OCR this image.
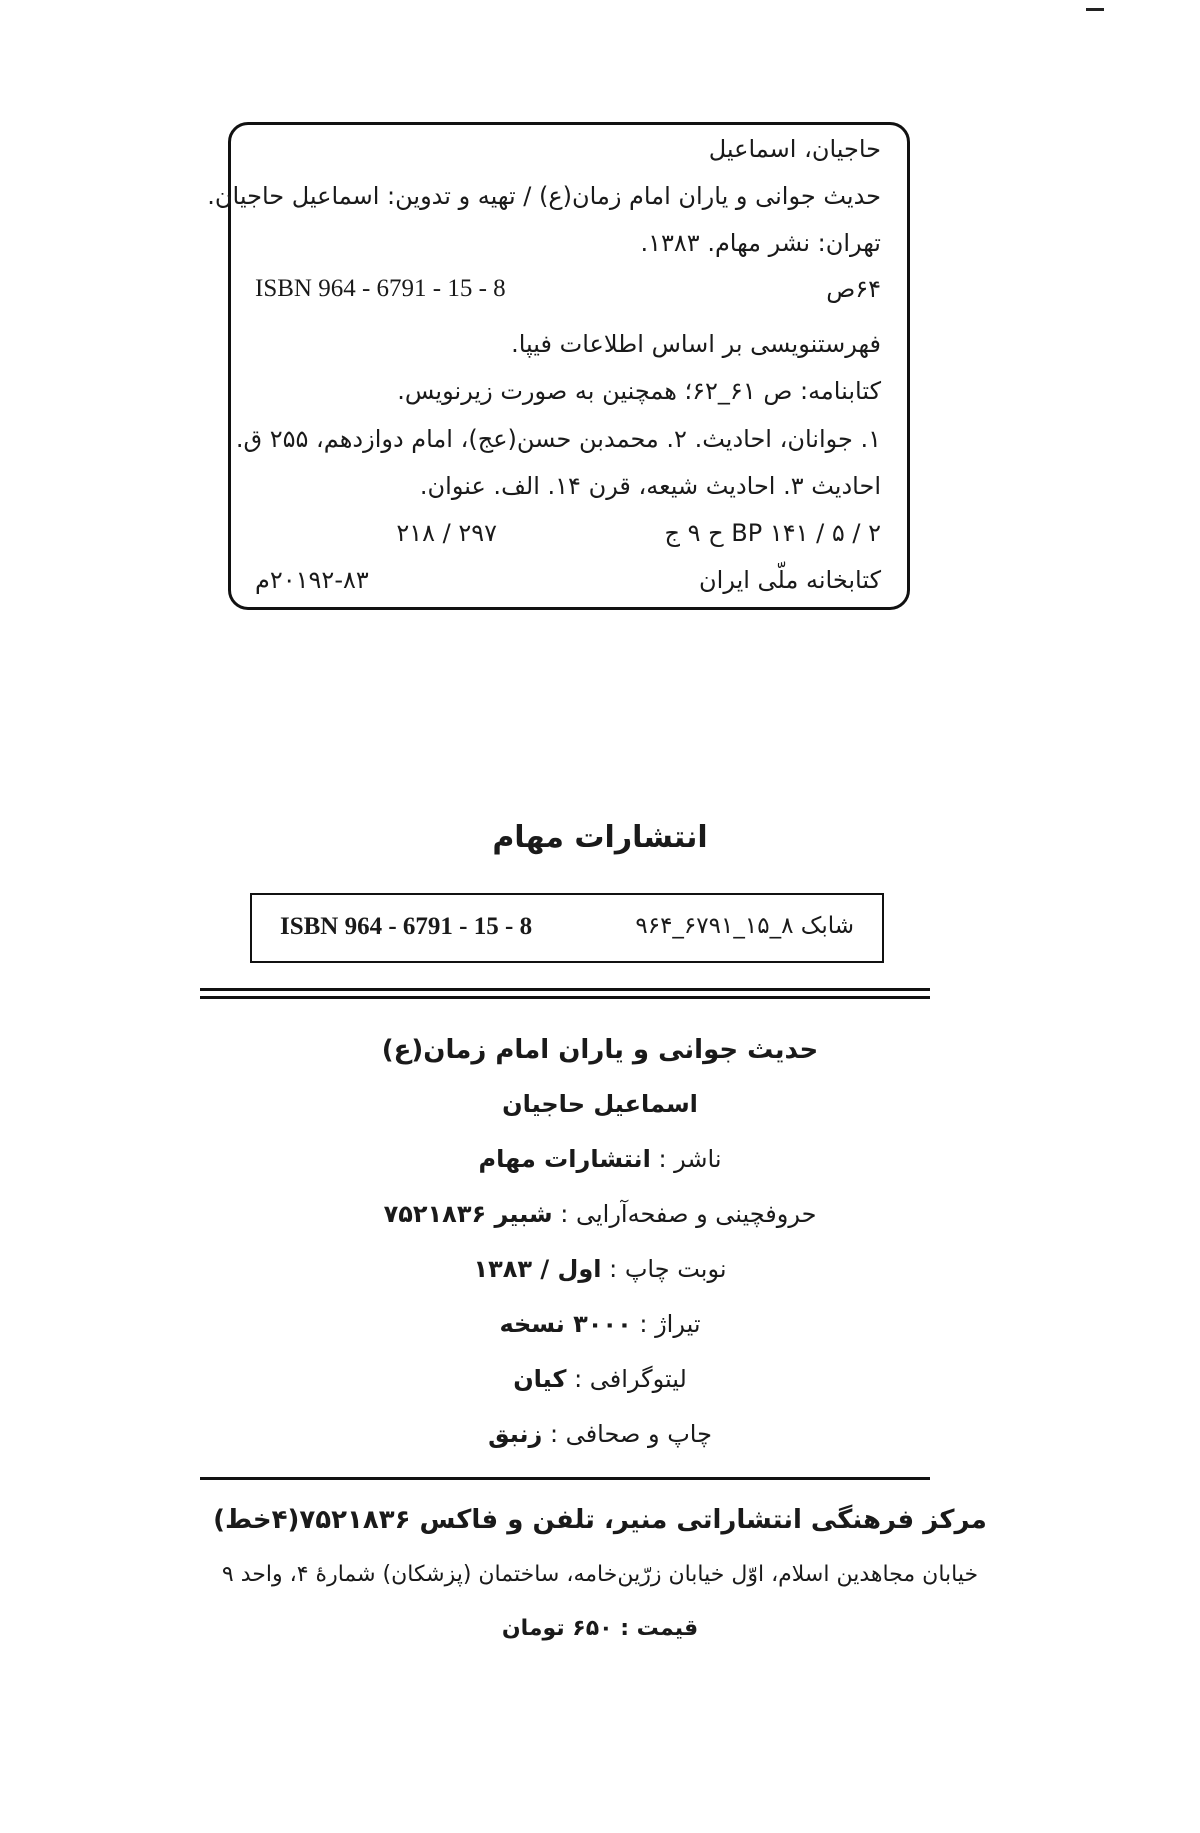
حاجیان، اسماعیل
حدیث جوانی و یاران امام زمان(ع) / تهیه و تدوین: اسماعیل حاجیان.
تهران: نشر مهام. ۱۳۸۳.
۶۴ص
ISBN 964 - 6791 - 15 - 8
فهرستنویسی بر اساس اطلاعات فیپا.
کتابنامه: ص ۶۱_۶۲؛ همچنین به صورت زیرنویس.
۱. جوانان، احادیث. ۲. محمدبن حسن(عج)، امام دوازدهم، ۲۵۵ ق.
احادیث ۳. احادیث شیعه، قرن ۱۴. الف. عنوان.
BP ۱۴۱ / ۵ / ۲ ح ۹ ج
۲۹۷ / ۲۱۸
کتابخانه ملّی ایران
۲۰۱۹۲-۸۳م
انتشارات مهام
ISBN 964 - 6791 - 15 - 8	شابک ۸_۱۵_۶۷۹۱_۹۶۴
حدیث جوانی و یاران امام زمان(ع)
اسماعیل حاجیان
ناشر : انتشارات مهام
حروفچینی و صفحه‌آرایی : شبیر ۷۵۲۱۸۳۶
نوبت چاپ : اول / ۱۳۸۳
تیراژ : ۳۰۰۰ نسخه
لیتوگرافی : کیان
چاپ و صحافی : زنبق
مرکز فرهنگی انتشاراتی منیر، تلفن و فاکس ۷۵۲۱۸۳۶(۴خط)
خیابان مجاهدین اسلام، اوّل خیابان زرّین‌خامه، ساختمان (پزشکان) شمارهٔ ۴، واحد ۹
قیمت : ۶۵۰ تومان
